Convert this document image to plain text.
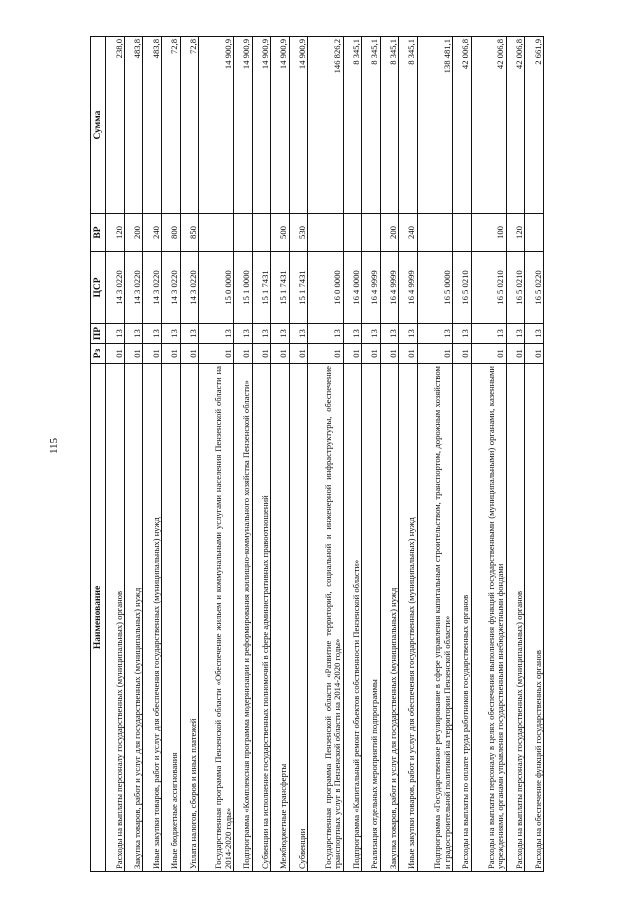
115
Наименование	Рз	ПР	ЦСР	ВР	Сумма
Расходы на выплаты персоналу государственных (муниципальных) органов	01	13	14 3 0220	120	238,0
Закупка товаров, работ и услуг для государственных (муниципальных) нужд	01	13	14 3 0220	200	483,8
Иные закупки товаров, работ и услуг для обеспечения государственных (муниципальных) нужд	01	13	14 3 0220	240	483,8
Иные бюджетные ассигнования	01	13	14 3 0220	800	72,8
Уплата налогов, сборов и иных платежей	01	13	14 3 0220	850	72,8
Государственная программа Пензенской области «Обеспечение жильем и коммунальными услугами населения Пензенской области на 2014-2020 годы»	01	13	15 0 0000		14 900,9
Подпрограмма «Комплексная программа модернизации и реформирования жилищно-коммунального хозяйства Пензенской области»	01	13	15 1 0000		14 900,9
Субвенции на исполнение государственных полномочий в сфере административных правоотношений	01	13	15 1 7431		14 900,9
Межбюджетные трансферты	01	13	15 1 7431	500	14 900,9
Субвенции	01	13	15 1 7431	530	14 900,9
Государственная программа Пензенской области «Развитие территорий, социальной и инженерной инфраструктуры, обеспечение транспортных услуг в Пензенской области на 2014-2020 годы»	01	13	16 0 0000		146 826,2
Подпрограмма «Капитальный ремонт объектов собственности Пензенской области»	01	13	16 4 0000		8 345,1
Реализация отдельных мероприятий подпрограммы	01	13	16 4 9999		8 345,1
Закупка товаров, работ и услуг для государственных (муниципальных) нужд	01	13	16 4 9999	200	8 345,1
Иные закупки товаров, работ и услуг для обеспечения государственных (муниципальных) нужд	01	13	16 4 9999	240	8 345,1
Подпрограмма «Государственное регулирование в сфере управления капитальным строительством, транспортом, дорожным хозяйством и градостроительной политикой на территории Пензенской области»	01	13	16 5 0000		138 481,1
Расходы на выплаты по оплате труда работников государственных органов	01	13	16 5 0210		42 006,8
Расходы на выплаты персоналу в целях обеспечения выполнения функций государственными (муниципальными) органами, казенными учреждениями, органами управления государственными внебюджетными фондами	01	13	16 5 0210	100	42 006,8
Расходы на выплаты персоналу государственных (муниципальных) органов	01	13	16 5 0210	120	42 006,8
Расходы на обеспечение функций государственных органов	01	13	16 5 0220		2 661,9
